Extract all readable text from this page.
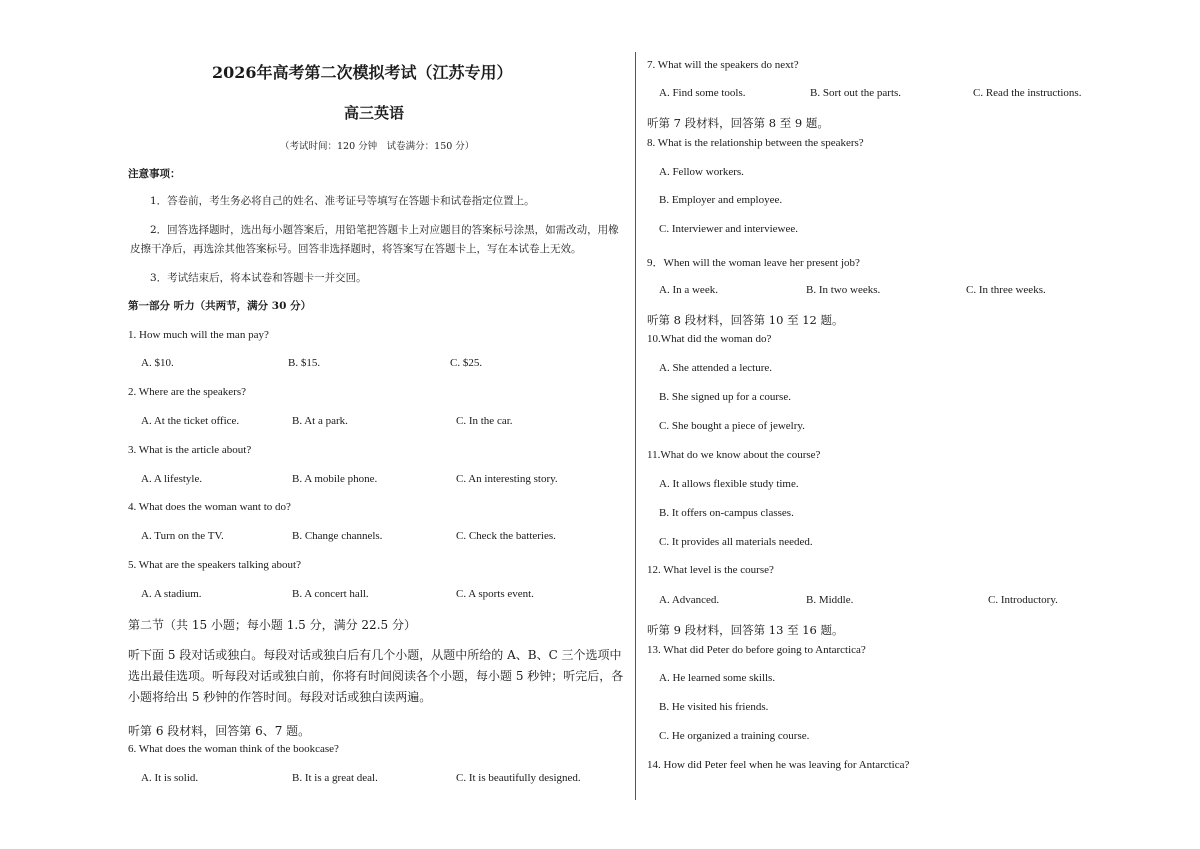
2026年高考第二次模拟考试（江苏专用）
高三英语
（考试时间：120 分钟　试卷满分：150 分）
注意事项：
1．答卷前，考生务必将自己的姓名、准考证号等填写在答题卡和试卷指定位置上。
2．回答选择题时，选出每小题答案后，用铅笔把答题卡上对应题目的答案标号涂黑，如需改动，用橡
皮擦干净后，再选涂其他答案标号。回答非选择题时，将答案写在答题卡上，写在本试卷上无效。
3．考试结束后，将本试卷和答题卡一并交回。
第一部分 听力（共两节，满分 30 分）
1. How much will the man pay?
A. $10.	B. $15.	C. $25.
2. Where are the speakers?
A. At the ticket office.	B. At a park.	C. In the car.
3. What is the article about?
A. A lifestyle.	B. A mobile phone.	C. An interesting story.
4. What does the woman want to do?
A. Turn on the TV.	B. Change channels.	C. Check the batteries.
5. What are the speakers talking about?
A. A stadium.	B. A concert hall.	C. A sports event.
第二节（共 15 小题；每小题 1.5 分，满分 22.5 分）
听下面 5 段对话或独白。每段对话或独白后有几个小题，从题中所给的 A、B、C 三个选项中选出最佳选项。听每段对话或独白前，你将有时间阅读各个小题，每小题 5 秒钟；听完后，各小题将给出 5 秒钟的作答时间。每段对话或独白读两遍。
听第 6 段材料，回答第 6、7 题。
6. What does the woman think of the bookcase?
A. It is solid.	B. It is a great deal.	C. It is beautifully designed.
7. What will the speakers do next?
A. Find some tools.	B. Sort out the parts.	C. Read the instructions.
听第 7 段材料，回答第 8 至 9 题。
8. What is the relationship between the speakers?
A. Fellow workers.
B. Employer and employee.
C. Interviewer and interviewee.
9．When will the woman leave her present job?
A. In a week.	B. In two weeks.	C. In three weeks.
听第 8 段材料，回答第 10 至 12 题。
10.What did the woman do?
A. She attended a lecture.
B. She signed up for a course.
C. She bought a piece of jewelry.
11.What do we know about the course?
A. It allows flexible study time.
B. It offers on-campus classes.
C. It provides all materials needed.
12. What level is the course?
A. Advanced.	B. Middle.	C. Introductory.
听第 9 段材料，回答第 13 至 16 题。
13. What did Peter do before going to Antarctica?
A. He learned some skills.
B. He visited his friends.
C. He organized a training course.
14. How did Peter feel when he was leaving for Antarctica?
